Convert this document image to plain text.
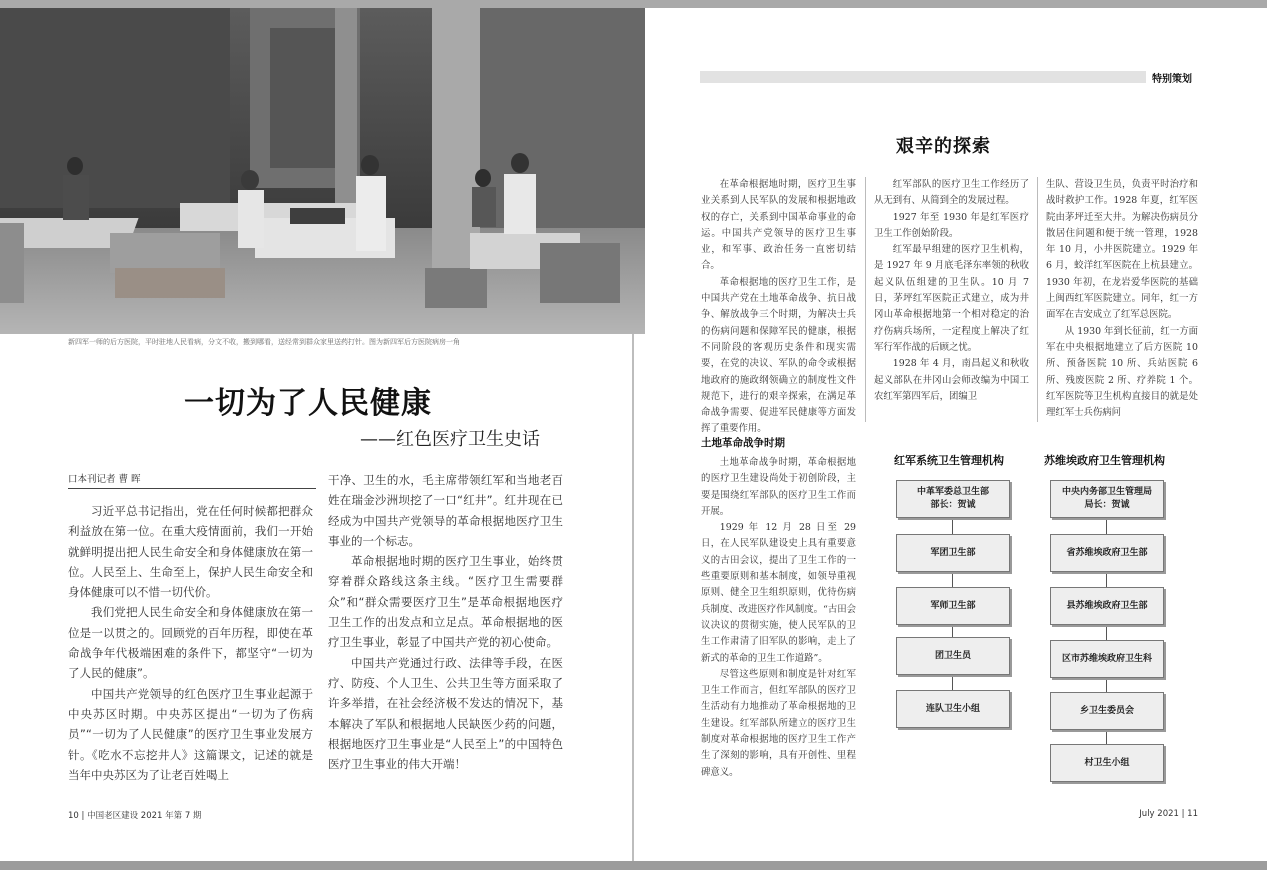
新四军一师的后方医院，平时驻地人民看病，分文不收，搬到哪看，送经常到群众家里送药打针。图为新四军后方医院病房一角
一切为了人民健康
——红色医疗卫生史话
口本刊记者 曹 晖

习近平总书记指出，党在任何时候都把群众利益放在第一位。在重大疫情面前，我们一开始就鲜明提出把人民生命安全和身体健康放在第一位。人民至上、生命至上，保护人民生命安全和身体健康可以不惜一切代价。

我们党把人民生命安全和身体健康放在第一位是一以贯之的。回顾党的百年历程，即使在革命战争年代极端困难的条件下，都坚守“一切为了人民的健康”。

中国共产党领导的红色医疗卫生事业起源于中央苏区时期。中央苏区提出“一切为了伤病员”“一切为了人民健康”的医疗卫生事业发展方针。《吃水不忘挖井人》这篇课文，记述的就是当年中央苏区为了让老百姓喝上

干净、卫生的水，毛主席带领红军和当地老百姓在瑞金沙洲坝挖了一口“红井”。红井现在已经成为中国共产党领导的革命根据地医疗卫生事业的一个标志。

革命根据地时期的医疗卫生事业，始终贯穿着群众路线这条主线。“医疗卫生需要群众”和“群众需要医疗卫生”是革命根据地医疗卫生工作的出发点和立足点。革命根据地的医疗卫生事业，彰显了中国共产党的初心使命。

中国共产党通过行政、法律等手段，在医疗、防疫、个人卫生、公共卫生等方面采取了许多举措，在社会经济极不发达的情况下，基本解决了军队和根据地人民缺医少药的问题，根据地医疗卫生事业是“人民至上”的中国特色医疗卫生事业的伟大开端！

10 | 中国老区建设 2021 年第 7 期
特别策划
艰辛的探索

在革命根据地时期，医疗卫生事业关系到人民军队的发展和根据地政权的存亡，关系到中国革命事业的命运。中国共产党领导的医疗卫生事业，和军事、政治任务一直密切结合。

革命根据地的医疗卫生工作，是中国共产党在土地革命战争、抗日战争、解放战争三个时期，为解决士兵的伤病问题和保障军民的健康，根据不同阶段的客观历史条件和现实需要，在党的决议、军队的命令或根据地政府的施政纲领确立的制度性文件规范下，进行的艰辛探索，在满足革命战争需要、促进军民健康等方面发挥了重要作用。

红军部队的医疗卫生工作经历了从无到有、从简到全的发展过程。

1927 年至 1930 年是红军医疗卫生工作创始阶段。

红军最早组建的医疗卫生机构，是 1927 年 9 月底毛泽东率领的秋收起义队伍组建的卫生队。10 月 7 日，茅坪红军医院正式建立，成为井冈山革命根据地第一个相对稳定的治疗伤病兵场所，一定程度上解决了红军行军作战的后顾之忧。

1928 年 4 月，南昌起义和秋收起义部队在井冈山会师改编为中国工农红军第四军后，团编卫

生队、营设卫生员，负责平时治疗和战时救护工作。1928 年夏，红军医院由茅坪迁至大井。为解决伤病员分散居住问题和便于统一管理，1928 年 10 月，小井医院建立。1929 年 6 月，蛟洋红军医院在上杭县建立。1930 年初，在龙岩爱华医院的基础上闽西红军医院建立。同年，红一方面军在吉安成立了红军总医院。

从 1930 年到长征前，红一方面军在中央根据地建立了后方医院 10 所、预备医院 10 所、兵站医院 6 所、残废医院 2 所、疗养院 1 个。红军医院等卫生机构直接目的就是处理红军士兵伤病问

土地革命战争时期

土地革命战争时期，革命根据地的医疗卫生建设尚处于初创阶段，主要是围绕红军部队的医疗卫生工作而开展。

1929 年 12 月 28 日至 29 日，在人民军队建设史上具有重要意义的古田会议，提出了卫生工作的一些重要原则和基本制度，如领导重视原则、健全卫生组织原则，优待伤病兵制度、改进医疗作风制度。“古田会议决议的贯彻实施，使人民军队的卫生工作肃清了旧军队的影响，走上了新式的革命的卫生工作道路”。

尽管这些原则和制度是针对红军卫生工作而言，但红军部队的医疗卫生活动有力地推动了革命根据地的卫生建设。红军部队所建立的医疗卫生制度对革命根据地的医疗卫生工作产生了深刻的影响，具有开创性、里程碑意义。

红军系统卫生管理机构
中革军委总卫生部
部长：贺诚
军团卫生部
军师卫生部
团卫生员
连队卫生小组
苏维埃政府卫生管理机构
中央内务部卫生管理局
局长：贺诚
省苏维埃政府卫生部
县苏维埃政府卫生部
区市苏维埃政府卫生科
乡卫生委员会
村卫生小组
July 2021 | 11
